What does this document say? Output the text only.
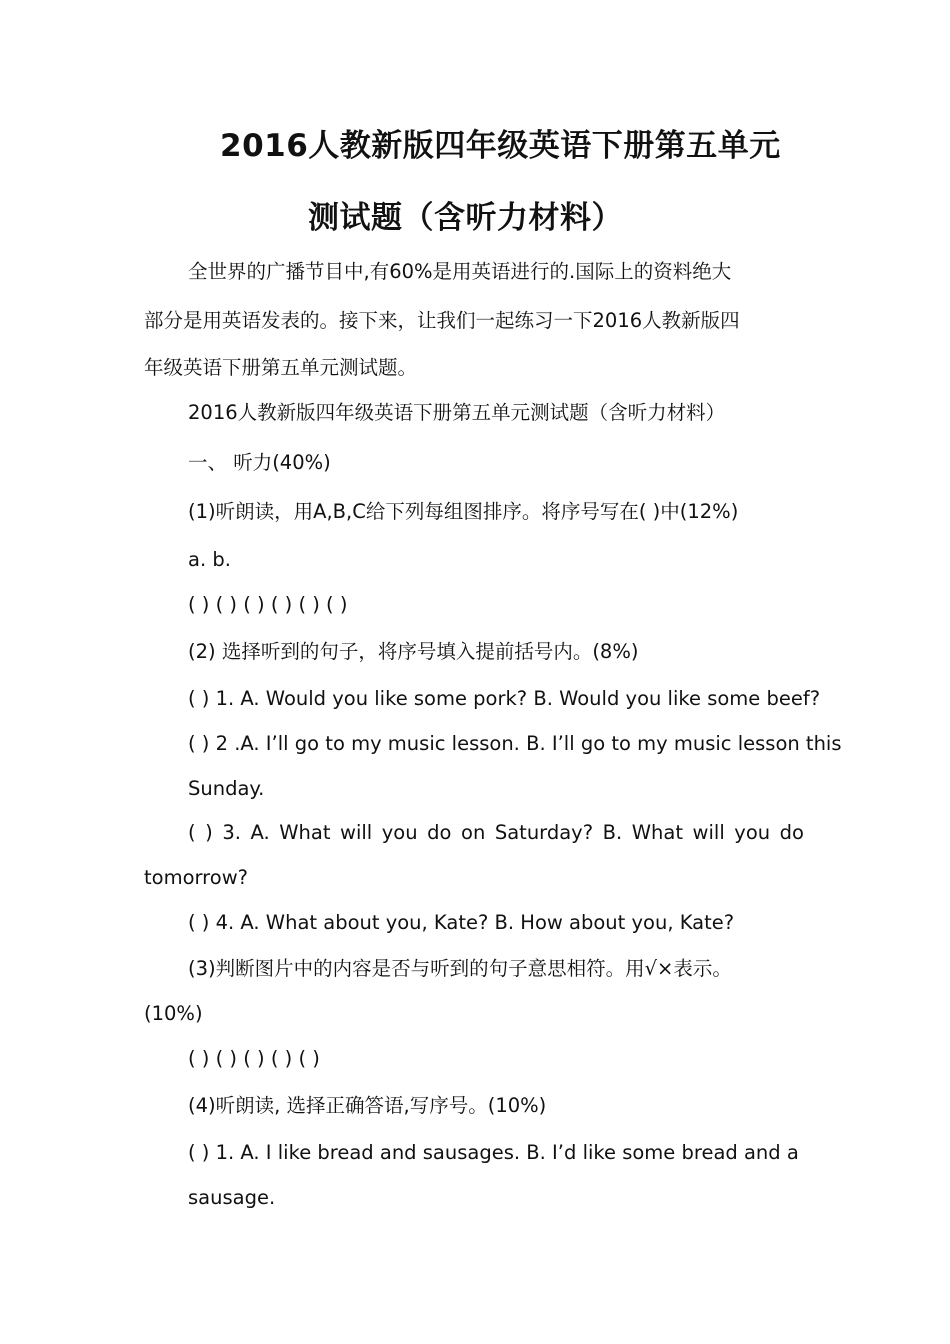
2016人教新版四年级英语下册第五单元
测试题（含听力材料）
全世界的广播节目中,有60%是用英语进行的.国际上的资料绝大
部分是用英语发表的。接下来，让我们一起练习一下2016人教新版四
年级英语下册第五单元测试题。
2016人教新版四年级英语下册第五单元测试题（含听力材料）
一、 听力(40%)
(1)听朗读，用A,B,C给下列每组图排序。将序号写在( )中(12%)
a. b.
( ) ( ) ( ) ( ) ( ) ( )
(2) 选择听到的句子，将序号填入提前括号内。(8%)
( ) 1. A. Would you like some pork? B. Would you like some beef?
( ) 2 .A. I’ll go to my music lesson. B. I’ll go to my music lesson this
Sunday.
( ) 3. A. What will you do on Saturday? B. What will you do
tomorrow?
( ) 4. A. What about you, Kate? B. How about you, Kate?
(3)判断图片中的内容是否与听到的句子意思相符。用√×表示。
(10%)
( ) ( ) ( ) ( ) ( )
(4)听朗读, 选择正确答语,写序号。(10%)
( ) 1. A. I like bread and sausages. B. I’d like some bread and a
sausage.
